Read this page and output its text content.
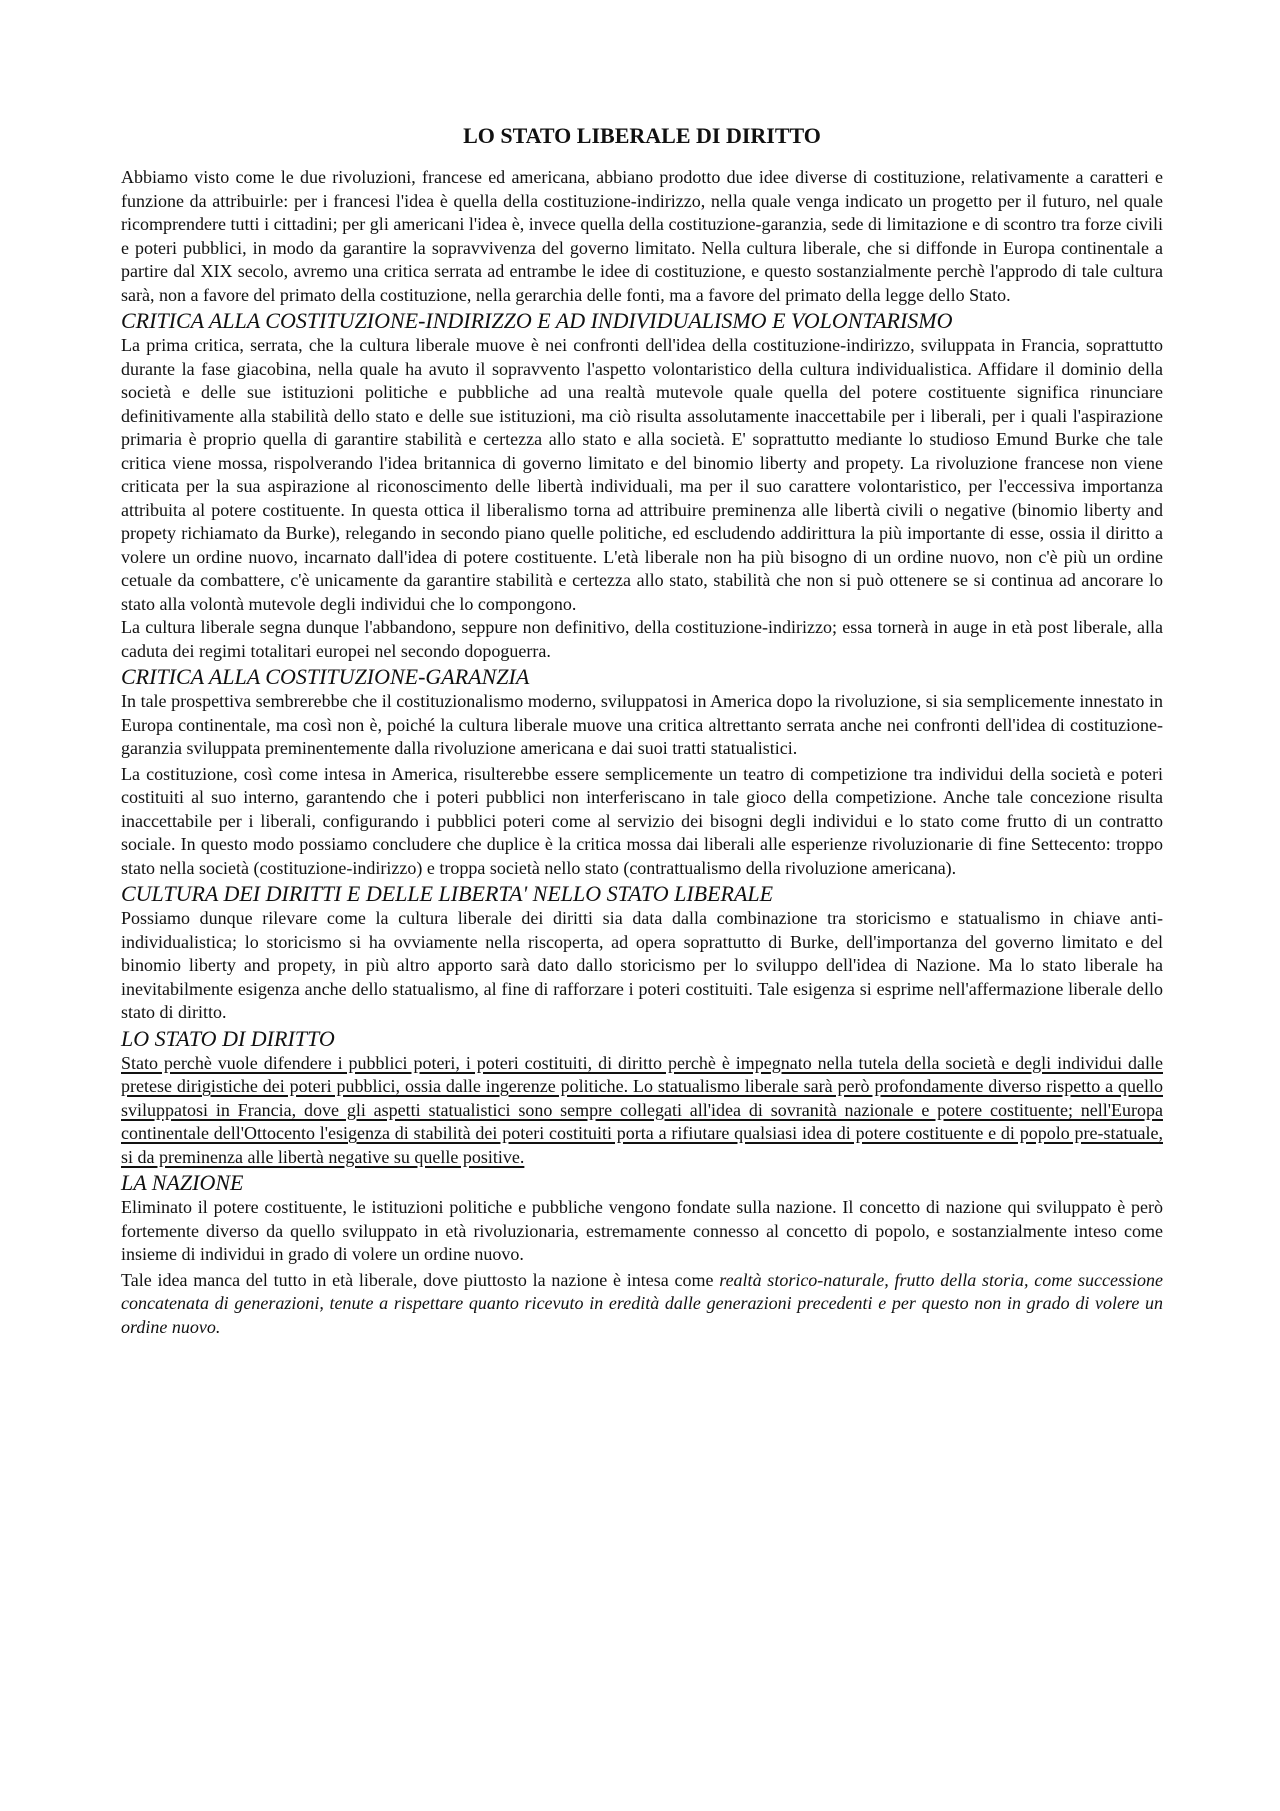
LO STATO LIBERALE DI DIRITTO

Abbiamo visto come le due rivoluzioni, francese ed americana, abbiano prodotto due idee diverse di costituzione, relativamente a caratteri e funzione da attribuirle: per i francesi l'idea è quella della costituzione-indirizzo, nella quale venga indicato un progetto per il futuro, nel quale ricomprendere tutti i cittadini; per gli americani l'idea è, invece quella della costituzione-garanzia, sede di limitazione e di scontro tra forze civili e poteri pubblici, in modo da garantire la sopravvivenza del governo limitato. Nella cultura liberale, che si diffonde in Europa continentale a partire dal XIX secolo, avremo una critica serrata ad entrambe le idee di costituzione, e questo sostanzialmente perchè l'approdo di tale cultura sarà, non a favore del primato della costituzione, nella gerarchia delle fonti, ma a favore del primato della legge dello Stato.

CRITICA ALLA COSTITUZIONE-INDIRIZZO E AD INDIVIDUALISMO E VOLONTARISMO

La prima critica, serrata, che la cultura liberale muove è nei confronti dell'idea della costituzione-indirizzo, sviluppata in Francia, soprattutto durante la fase giacobina, nella quale ha avuto il sopravvento l'aspetto volontaristico della cultura individualistica. Affidare il dominio della società e delle sue istituzioni politiche e pubbliche ad una realtà mutevole quale quella del potere costituente significa rinunciare definitivamente alla stabilità dello stato e delle sue istituzioni, ma ciò risulta assolutamente inaccettabile per i liberali, per i quali l'aspirazione primaria è proprio quella di garantire stabilità e certezza allo stato e alla società. E' soprattutto mediante lo studioso Emund Burke che tale critica viene mossa, rispolverando l'idea britannica di governo limitato e del binomio liberty and propety. La rivoluzione francese non viene criticata per la sua aspirazione al riconoscimento delle libertà individuali, ma per il suo carattere volontaristico, per l'eccessiva importanza attribuita al potere costituente. In questa ottica il liberalismo torna ad attribuire preminenza alle libertà civili o negative (binomio liberty and propety richiamato da Burke), relegando in secondo piano quelle politiche, ed escludendo addirittura la più importante di esse, ossia il diritto a volere un ordine nuovo, incarnato dall'idea di potere costituente. L'età liberale non ha più bisogno di un ordine nuovo, non c'è più un ordine cetuale da combattere, c'è unicamente da garantire stabilità e certezza allo stato, stabilità che non si può ottenere se si continua ad ancorare lo stato alla volontà mutevole degli individui che lo compongono.

La cultura liberale segna dunque l'abbandono, seppure non definitivo, della costituzione-indirizzo; essa tornerà in auge in età post liberale, alla caduta dei regimi totalitari europei nel secondo dopoguerra.

CRITICA ALLA COSTITUZIONE-GARANZIA

In tale prospettiva sembrerebbe che il costituzionalismo moderno, sviluppatosi in America dopo la rivoluzione, si sia semplicemente innestato in Europa continentale, ma così non è, poiché la cultura liberale muove una critica altrettanto serrata anche nei confronti dell'idea di costituzione-garanzia sviluppata preminentemente dalla rivoluzione americana e dai suoi tratti statualistici.

La costituzione, così come intesa in America, risulterebbe essere semplicemente un teatro di competizione tra individui della società e poteri costituiti al suo interno, garantendo che i poteri pubblici non interferiscano in tale gioco della competizione. Anche tale concezione risulta inaccettabile per i liberali, configurando i pubblici poteri come al servizio dei bisogni degli individui e lo stato come frutto di un contratto sociale. In questo modo possiamo concludere che duplice è la critica mossa dai liberali alle esperienze rivoluzionarie di fine Settecento: troppo stato nella società (costituzione-indirizzo) e troppa società nello stato (contrattualismo della rivoluzione americana).

CULTURA DEI DIRITTI E DELLE LIBERTA' NELLO STATO LIBERALE

Possiamo dunque rilevare come la cultura liberale dei diritti sia data dalla combinazione tra storicismo e statualismo in chiave anti-individualistica; lo storicismo si ha ovviamente nella riscoperta, ad opera soprattutto di Burke, dell'importanza del governo limitato e del binomio liberty and propety, in più altro apporto sarà dato dallo storicismo per lo sviluppo dell'idea di Nazione. Ma lo stato liberale ha inevitabilmente esigenza anche dello statualismo, al fine di rafforzare i poteri costituiti. Tale esigenza si esprime nell'affermazione liberale dello stato di diritto.

LO STATO DI DIRITTO

Stato perchè vuole difendere i pubblici poteri, i poteri costituiti, di diritto perchè è impegnato nella tutela della società e degli individui dalle pretese dirigistiche dei poteri pubblici, ossia dalle ingerenze politiche. Lo statualismo liberale sarà però profondamente diverso rispetto a quello sviluppatosi in Francia, dove gli aspetti statualistici sono sempre collegati all'idea di sovranità nazionale e potere costituente; nell'Europa continentale dell'Ottocento l'esigenza di stabilità dei poteri costituiti porta a rifiutare qualsiasi idea di potere costituente e di popolo pre-statuale, si da preminenza alle libertà negative su quelle positive.

LA NAZIONE

Eliminato il potere costituente, le istituzioni politiche e pubbliche vengono fondate sulla nazione. Il concetto di nazione qui sviluppato è però fortemente diverso da quello sviluppato in età rivoluzionaria, estremamente connesso al concetto di popolo, e sostanzialmente inteso come insieme di individui in grado di volere un ordine nuovo.

Tale idea manca del tutto in età liberale, dove piuttosto la nazione è intesa come realtà storico-naturale, frutto della storia, come successione concatenata di generazioni, tenute a rispettare quanto ricevuto in eredità dalle generazioni precedenti e per questo non in grado di volere un ordine nuovo.
